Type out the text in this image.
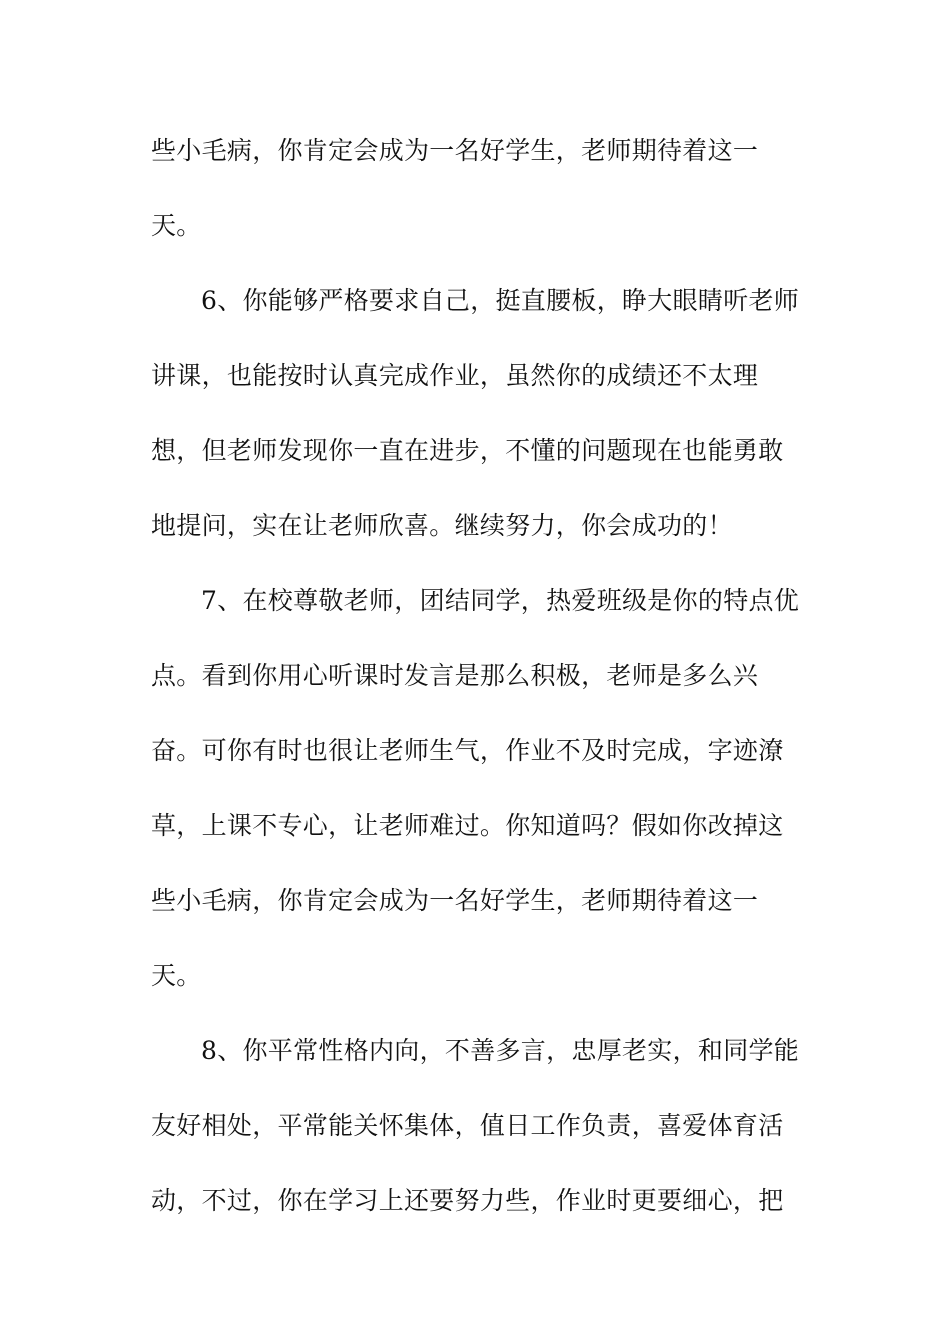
些小毛病，你肯定会成为一名好学生，老师期待着这一
天。
6、你能够严格要求自己，挺直腰板，睁大眼睛听老师
讲课，也能按时认真完成作业，虽然你的成绩还不太理
想，但老师发现你一直在进步，不懂的问题现在也能勇敢
地提问，实在让老师欣喜。继续努力，你会成功的！
7、在校尊敬老师，团结同学，热爱班级是你的特点优
点。看到你用心听课时发言是那么积极，老师是多么兴
奋。可你有时也很让老师生气，作业不及时完成，字迹潦
草，上课不专心，让老师难过。你知道吗？假如你改掉这
些小毛病，你肯定会成为一名好学生，老师期待着这一
天。
8、你平常性格内向，不善多言，忠厚老实，和同学能
友好相处，平常能关怀集体，值日工作负责，喜爱体育活
动，不过，你在学习上还要努力些，作业时更要细心，把
